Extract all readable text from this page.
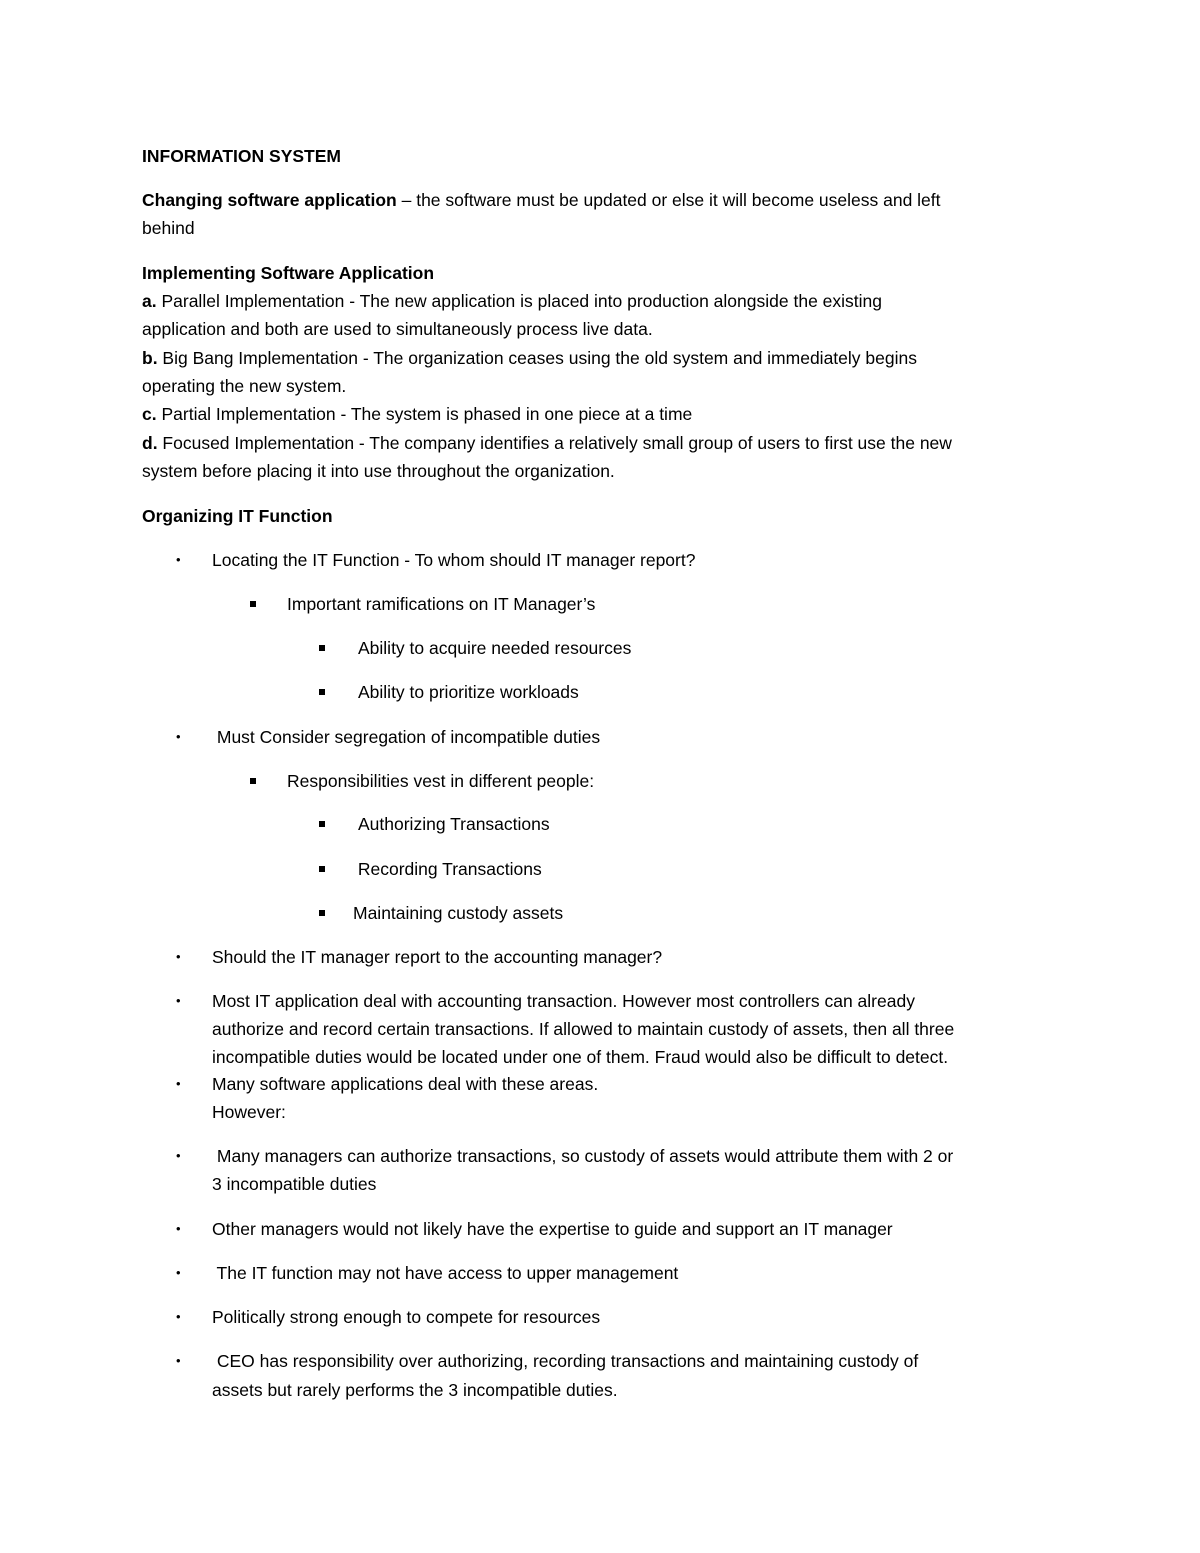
INFORMATION SYSTEM
Changing software application – the software must be updated or else it will become useless and left
behind
Implementing Software Application
a. Parallel Implementation - The new application is placed into production alongside the existing
application and both are used to simultaneously process live data.
b. Big Bang Implementation - The organization ceases using the old system and immediately begins
operating the new system.
c. Partial Implementation - The system is phased in one piece at a time
d. Focused Implementation - The company identifies a relatively small group of users to first use the new
system before placing it into use throughout the organization.
Organizing IT Function
• Locating the IT Function - To whom should IT manager report?
Important ramifications on IT Manager’s
Ability to acquire needed resources
Ability to prioritize workloads
• Must Consider segregation of incompatible duties
Responsibilities vest in different people:
Authorizing Transactions
Recording Transactions
Maintaining custody assets
• Should the IT manager report to the accounting manager?
• Most IT application deal with accounting transaction. However most controllers can already
authorize and record certain transactions. If allowed to maintain custody of assets, then all three
incompatible duties would be located under one of them. Fraud would also be difficult to detect.
• Many software applications deal with these areas.
However:
• Many managers can authorize transactions, so custody of assets would attribute them with 2 or
3 incompatible duties
• Other managers would not likely have the expertise to guide and support an IT manager
• The IT function may not have access to upper management
• Politically strong enough to compete for resources
• CEO has responsibility over authorizing, recording transactions and maintaining custody of
assets but rarely performs the 3 incompatible duties.
